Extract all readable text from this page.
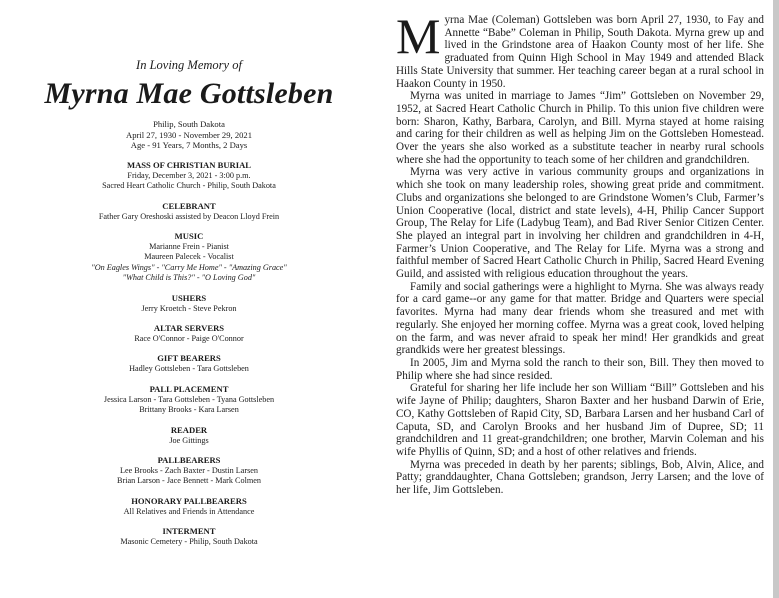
In Loving Memory of

Myrna Mae Gottsleben

Philip, South Dakota

April 27, 1930 - November 29, 2021

Age - 91 Years, 7 Months, 2 Days

MASS OF CHRISTIAN BURIAL

Friday, December 3, 2021 - 3:00 p.m.

Sacred Heart Catholic Church - Philip, South Dakota

CELEBRANT

Father Gary Oreshoski assisted by Deacon Lloyd Frein

MUSIC

Marianne Frein - Pianist

Maureen Palecek - Vocalist

"On Eagles Wings" - "Carry Me Home" - "Amazing Grace"

"What Child is This?" - "O Loving God"

USHERS

Jerry Kroetch - Steve Pekron

ALTAR SERVERS

Race O'Connor - Paige O'Connor

GIFT BEARERS

Hadley Gottsleben - Tara Gottsleben

PALL PLACEMENT

Jessica Larson - Tara Gottsleben - Tyana Gottsleben

Brittany Brooks - Kara Larsen

READER

Joe Gittings

PALLBEARERS

Lee Brooks - Zach Baxter - Dustin Larsen

Brian Larson - Jace Bennett - Mark Colmen

HONORARY PALLBEARERS

All Relatives and Friends in Attendance

INTERMENT

Masonic Cemetery - Philip, South Dakota

Myrna Mae (Coleman) Gottsleben was born April 27, 1930, to Fay and Annette “Babe” Coleman in Philip, South Dakota. Myrna grew up and lived in the Grindstone area of Haakon County most of her life. She graduated from Quinn High School in May 1949 and attended Black Hills State University that summer. Her teaching career began at a rural school in Haakon County in 1950.

Myrna was united in marriage to James “Jim” Gottsleben on November 29, 1952, at Sacred Heart Catholic Church in Philip. To this union five children were born: Sharon, Kathy, Barbara, Carolyn, and Bill. Myrna stayed at home raising and caring for their children as well as helping Jim on the Gottsleben Homestead. Over the years she also worked as a substitute teacher in nearby rural schools where she had the opportunity to teach some of her children and grandchildren.

Myrna was very active in various community groups and organizations in which she took on many leadership roles, showing great pride and commitment. Clubs and organizations she belonged to are Grindstone Women’s Club, Farmer’s Union Cooperative (local, district and state levels), 4-H, Philip Cancer Support Group, The Relay for Life (Ladybug Team), and Bad River Senior Citizen Center. She played an integral part in involving her children and grandchildren in 4-H, Farmer’s Union Cooperative, and The Relay for Life. Myrna was a strong and faithful member of Sacred Heart Catholic Church in Philip, Sacred Heard Evening Guild, and assisted with religious education throughout the years.

Family and social gatherings were a highlight to Myrna. She was always ready for a card game--or any game for that matter. Bridge and Quarters were special favorites. Myrna had many dear friends whom she treasured and met with regularly. She enjoyed her morning coffee. Myrna was a great cook, loved helping on the farm, and was never afraid to speak her mind! Her grandkids and great grandkids were her greatest blessings.

In 2005, Jim and Myrna sold the ranch to their son, Bill. They then moved to Philip where she had since resided.

Grateful for sharing her life include her son William “Bill” Gottsleben and his wife Jayne of Philip; daughters, Sharon Baxter and her husband Darwin of Erie, CO, Kathy Gottsleben of Rapid City, SD, Barbara Larsen and her husband Carl of Caputa, SD, and Carolyn Brooks and her husband Jim of Dupree, SD; 11 grandchildren and 11 great-grandchildren; one brother, Marvin Coleman and his wife Phyllis of Quinn, SD; and a host of other relatives and friends.

Myrna was preceded in death by her parents; siblings, Bob, Alvin, Alice, and Patty; granddaughter, Chana Gottsleben; grandson, Jerry Larsen; and the love of her life, Jim Gottsleben.
